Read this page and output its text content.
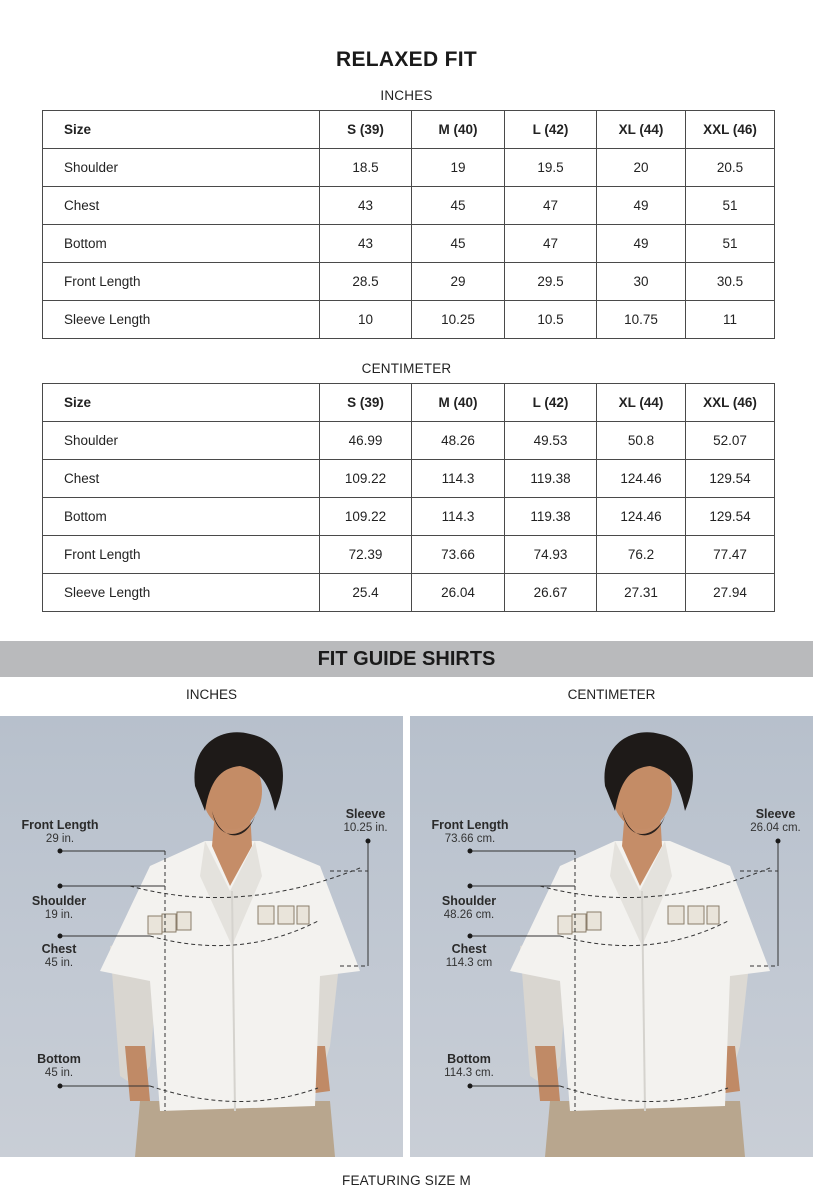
RELAXED FIT
INCHES
Size	S (39)	M (40)	L (42)	XL (44)	XXL (46)
Shoulder	18.5	19	19.5	20	20.5
Chest	43	45	47	49	51
Bottom	43	45	47	49	51
Front Length	28.5	29	29.5	30	30.5
Sleeve Length	10	10.25	10.5	10.75	11
CENTIMETER
Size	S (39)	M (40)	L (42)	XL (44)	XXL (46)
Shoulder	46.99	48.26	49.53	50.8	52.07
Chest	109.22	114.3	119.38	124.46	129.54
Bottom	109.22	114.3	119.38	124.46	129.54
Front Length	72.39	73.66	74.93	76.2	77.47
Sleeve Length	25.4	26.04	26.67	27.31	27.94
FIT GUIDE SHIRTS
INCHES	CENTIMETER
Front Length
29 in.
Sleeve
10.25 in.
Shoulder
19 in.
Chest
45 in.
Bottom
45 in.
Front Length
73.66 cm.
Sleeve
26.04 cm.
Shoulder
48.26 cm.
Chest
114.3 cm
Bottom
114.3 cm.
FEATURING SIZE M
